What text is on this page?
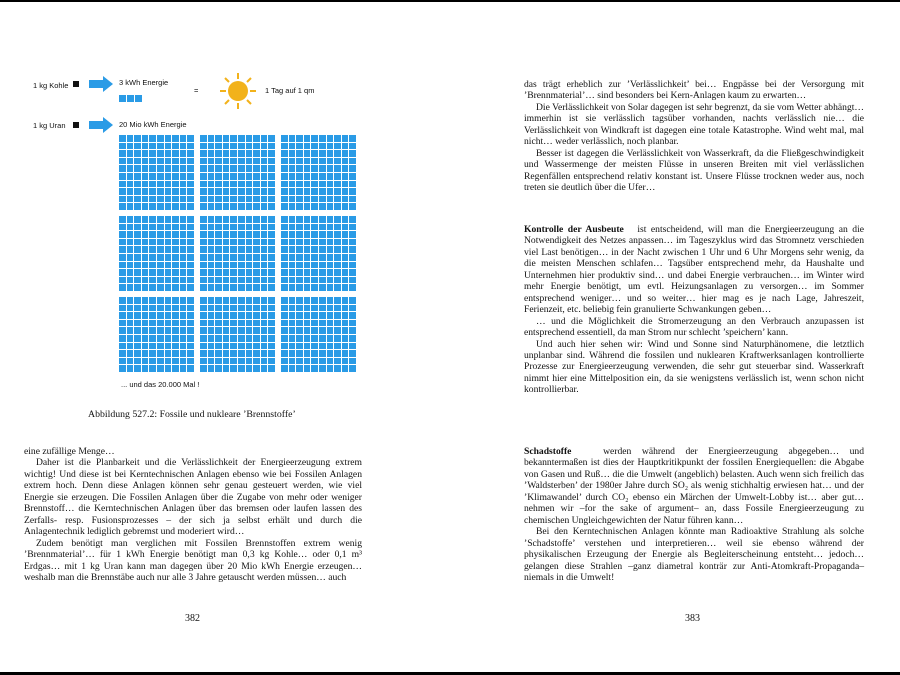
1 kg Kohle	3 kWh Energie
=	1 Tag auf 1 qm
1 kg Uran	20 Mio kWh Energie
... und das 20.000 Mal !
Abbildung 527.2: Fossile und nukleare ’Brennstoffe’

eine zufällige Menge…

Daher ist die Planbarkeit und die Verlässlichkeit der Energieerzeugung extrem wichtig! Und diese ist bei Kerntechnischen Anlagen ebenso wie bei Fossilen Anlagen extrem hoch. Denn diese Anlagen können sehr genau gesteuert werden, wie viel Energie sie erzeugen. Die Fossilen Anlagen über die Zugabe von mehr oder weniger Brennstoff… die Kerntechnischen Anlagen über das bremsen oder laufen lassen des Zerfalls- resp. Fusionsprozesses – der sich ja selbst erhält und durch die Anlagentechnik lediglich gebremst und moderiert wird…

Zudem benötigt man verglichen mit Fossilen Brennstoffen extrem wenig ’Brennmaterial’… für 1 kWh Energie benötigt man 0,3 kg Kohle… oder 0,1 m³ Erdgas… mit 1 kg Uran kann man dagegen über 20 Mio kWh Energie erzeugen… weshalb man die Brennstäbe auch nur alle 3 Jahre getauscht werden müssen… auch

382

das trägt erheblich zur ’Verlässlichkeit’ bei… Engpässe bei der Versorgung mit ’Brennmaterial’… sind besonders bei Kern-Anlagen kaum zu erwarten…

Die Verlässlichkeit von Solar dagegen ist sehr begrenzt, da sie vom Wetter abhängt… immerhin ist sie verlässlich tagsüber vorhanden, nachts verlässlich nie… die Verlässlichkeit von Windkraft ist dagegen eine totale Katastrophe. Wind weht mal, mal nicht… weder verlässlich, noch planbar.

Besser ist dagegen die Verlässlichkeit von Wasserkraft, da die Fließgeschwindigkeit und Wassermenge der meisten Flüsse in unseren Breiten mit viel verlässlichen Regenfällen entsprechend relativ konstant ist. Unsere Flüsse trocknen weder aus, noch treten sie deutlich über die Ufer…

Kontrolle der Ausbeute ist entscheidend, will man die Energieerzeugung an die Notwendigkeit des Netzes anpassen… im Tageszyklus wird das Stromnetz verschieden viel Last benötigen… in der Nacht zwischen 1 Uhr und 6 Uhr Morgens sehr wenig, da die meisten Menschen schlafen… Tagsüber entsprechend mehr, da Haushalte und Unternehmen hier produktiv sind… und dabei Energie verbrauchen… im Winter wird mehr Energie benötigt, um evtl. Heizungsanlagen zu versorgen… im Sommer entsprechend weniger… und so weiter… hier mag es je nach Lage, Jahreszeit, Ferienzeit, etc. beliebig fein granulierte Schwankungen geben…

… und die Möglichkeit die Stromerzeugung an den Verbrauch anzupassen ist entsprechend essentiell, da man Strom nur schlecht ’speichern’ kann.

Und auch hier sehen wir: Wind und Sonne sind Naturphänomene, die letztlich unplanbar sind. Während die fossilen und nuklearen Kraftwerksanlagen kontrollierte Prozesse zur Energieerzeugung verwenden, die sehr gut steuerbar sind. Wasserkraft nimmt hier eine Mittelposition ein, da sie wenigstens verlässlich ist, wenn schon nicht kontrollierbar.

Schadstoffe	werden während der Energieerzeugung abgegeben… und bekanntermaßen ist dies der Hauptkritikpunkt der fossilen Energiequellen: die Abgabe von Gasen und Ruß… die die Umwelt (angeblich) belasten. Auch wenn sich freilich das ’Waldsterben’ der 1980er Jahre durch SO₂ als wenig stichhaltig erwiesen hat… und der ’Klimawandel’ durch CO₂ ebenso ein Märchen der Umwelt-Lobby ist… aber gut… nehmen wir –for the sake of argument– an, dass Fossile Energieerzeugung zu chemischen Ungleichgewichten der Natur führen kann…

Bei den Kerntechnischen Anlagen könnte man Radioaktive Strahlung als solche ’Schadstoffe’ verstehen und interpretieren… weil sie ebenso während der physikalischen Erzeugung der Energie als Begleiterscheinung entsteht… jedoch… gelangen diese Strahlen –ganz diametral konträr zur Anti-Atomkraft-Propaganda– niemals in die Umwelt!

383
